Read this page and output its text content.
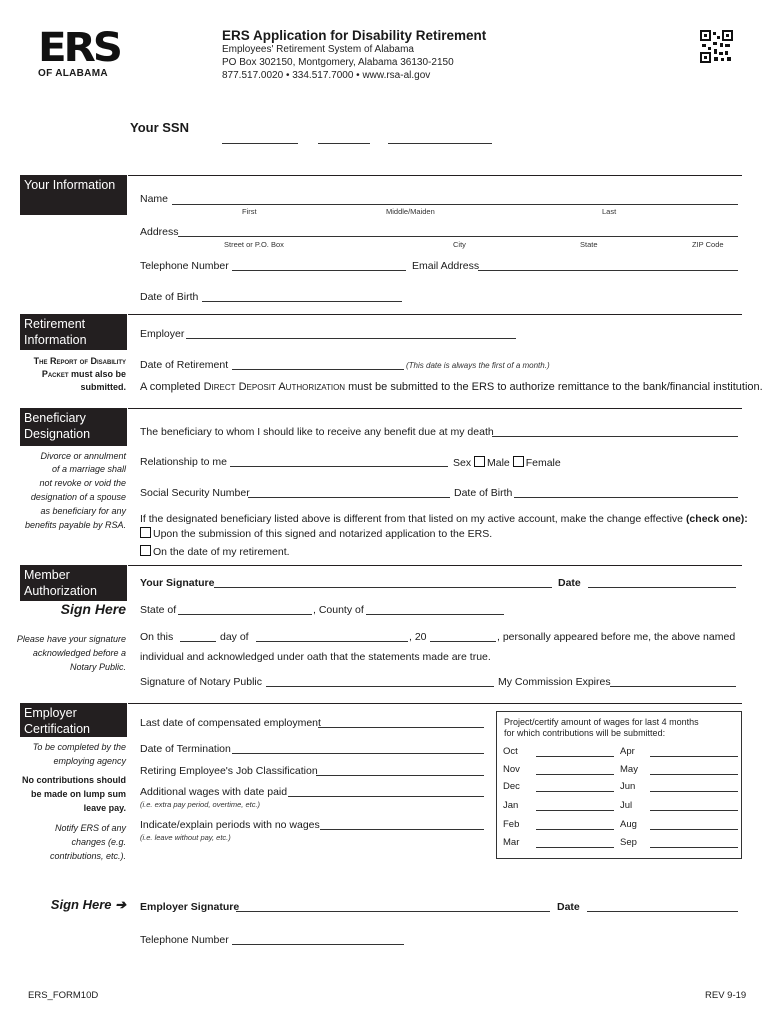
ERS
OF ALABAMA
ERS Application for Disability Retirement
Employees' Retirement System of Alabama
PO Box 302150, Montgomery, Alabama 36130-2150
877.517.0020 • 334.517.7000 • www.rsa-al.gov
Your SSN
Your Information
Name
First	Middle/Maiden	Last
Address
Street or P.O. Box	City	State	ZIP Code
Telephone Number	Email Address
Date of Birth
Retirement Information	Employer
The Report of Disability
Packet must also be
submitted.
Date of Retirement	(This date is always the first of a month.)
A completed Direct Deposit Authorization must be submitted to the ERS to authorize remittance to the bank/financial institution.
Beneficiary Designation
Divorce or annulment
of a marriage shall
not revoke or void the
designation of a spouse
as beneficiary for any
benefits payable by RSA.
The beneficiary to whom I should like to receive any benefit due at my death
Relationship to me	Sex Male Female
Social Security Number	Date of Birth
If the designated beneficiary listed above is different from that listed on my active account, make the change effective (check one):
Upon the submission of this signed and notarized application to the ERS.
On the date of my retirement.
Member Authorization
Sign Here
Please have your signature
acknowledged before a
Notary Public.
Your Signature	Date
State of	, County of
On this	day of	, 20	, personally appeared before me, the above named
individual and acknowledged under oath that the statements made are true.
Signature of Notary Public	My Commission Expires
Employer Certification
To be completed by the
employing agency
No contributions should
be made on lump sum
leave pay.
Notify ERS of any
changes (e.g.
contributions, etc.).
Last date of compensated employment
Date of Termination
Retiring Employee's Job Classification
Additional wages with date paid
(i.e. extra pay period, overtime, etc.)
Indicate/explain periods with no wages
(i.e. leave without pay, etc.)
Project/certify amount of wages for last 4 months
for which contributions will be submitted:
Oct	Apr
Nov	May
Dec	Jun
Jan	Jul
Feb	Aug
Mar	Sep
Sign Here ➔ Employer Signature	Date
Telephone Number
ERS_FORM10D	REV 9-19
